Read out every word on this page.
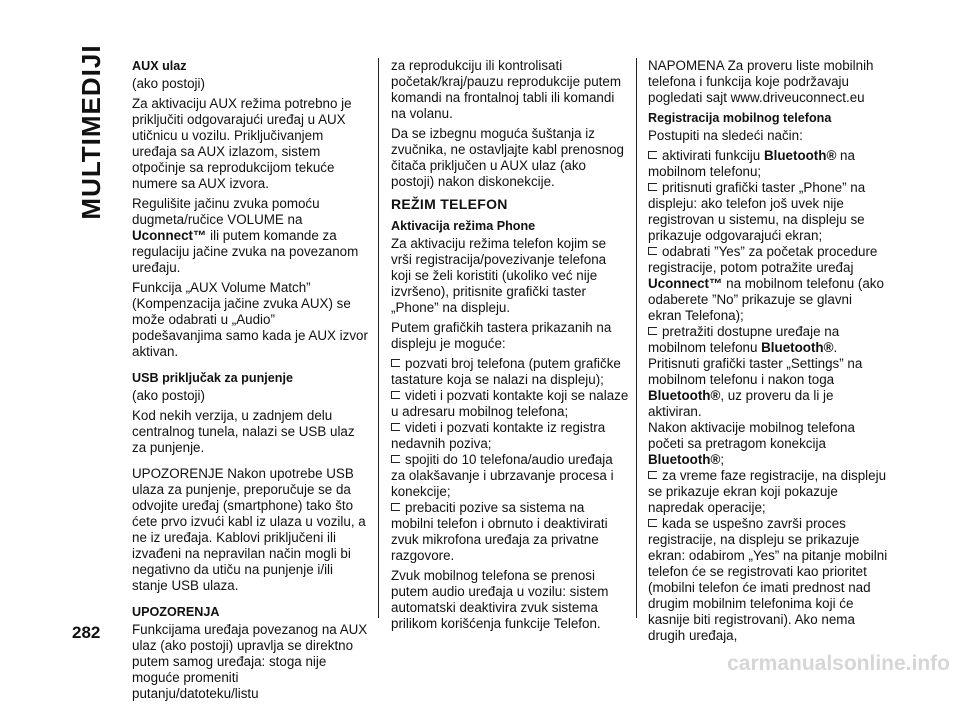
MULTIMEDIJI AUX ulaz
(ako postoji)
Za aktivaciju AUX režima potrebno je priključiti odgovarajući uređaj u AUX utičnicu u vozilu. Priključivanjem uređaja sa AUX izlazom, sistem otpočinje sa reprodukcijom tekuće numere sa AUX izvora.
Regulišite jačinu zvuka pomoću dugmeta/ručice VOLUME na Uconnect™ ili putem komande za regulaciju jačine zvuka na povezanom uređaju.
Funkcija „AUX Volume Match” (Kompenzacija jačine zvuka AUX) se može odabrati u „Audio” podešavanjima samo kada je AUX izvor aktivan.
USB priključak za punjenje
(ako postoji)
Kod nekih verzija, u zadnjem delu centralnog tunela, nalazi se USB ulaz za punjenje.
UPOZORENJE Nakon upotrebe USB ulaza za punjenje, preporučuje se da odvojite uređaj (smartphone) tako što ćete prvo izvući kabl iz ulaza u vozilu, a ne iz uređaja. Kablovi priključeni ili izvađeni na nepravilan način mogli bi negativno da utiču na punjenje i/ili stanje USB ulaza.
UPOZORENJA
Funkcijama uređaja povezanog na AUX ulaz (ako postoji) upravlja se direktno putem samog uređaja: stoga nije moguće promeniti putanju/datoteku/listu
za reprodukciju ili kontrolisati početak/kraj/pauzu reprodukcije putem komandi na frontalnoj tabli ili komandi na volanu.
Da se izbegnu moguća šuštanja iz zvučnika, ne ostavljajte kabl prenosnog čitača priključen u AUX ulaz (ako postoji) nakon diskonekcije.
REŽIM TELEFON
Aktivacija režima Phone
Za aktivaciju režima telefon kojim se vrši registracija/povezivanje telefona koji se želi koristiti (ukoliko već nije izvršeno), pritisnite grafički taster „Phone” na displeju.
Putem grafičkih tastera prikazanih na displeju je moguće:
pozvati broj telefona (putem grafičke tastature koja se nalazi na displeju);
videti i pozvati kontakte koji se nalaze u adresaru mobilnog telefona;
videti i pozvati kontakte iz registra nedavnih poziva;
spojiti do 10 telefona/audio uređaja za olakšavanje i ubrzavanje procesa i konekcije;
prebaciti pozive sa sistema na mobilni telefon i obrnuto i deaktivirati zvuk mikrofona uređaja za privatne razgovore.
Zvuk mobilnog telefona se prenosi putem audio uređaja u vozilu: sistem automatski deaktivira zvuk sistema prilikom korišćenja funkcije Telefon.
NAPOMENA Za proveru liste mobilnih telefona i funkcija koje podržavaju pogledati sajt www.driveuconnect.eu
Registracija mobilnog telefona
Postupiti na sledeći način:
aktivirati funkciju Bluetooth® na mobilnom telefonu;
pritisnuti grafički taster „Phone” na displeju: ako telefon još uvek nije registrovan u sistemu, na displeju se prikazuje odgovarajući ekran;
odabrati ”Yes” za početak procedure registracije, potom potražite uređaj Uconnect™ na mobilnom telefonu (ako odaberete ”No” prikazuje se glavni ekran Telefona);
pretražiti dostupne uređaje na mobilnom telefonu Bluetooth®. Pritisnuti grafički taster „Settings” na mobilnom telefonu i nakon toga Bluetooth®, uz proveru da li je aktiviran.
Nakon aktivacije mobilnog telefona početi sa pretragom konekcija Bluetooth®;
za vreme faze registracije, na displeju se prikazuje ekran koji pokazuje napredak operacije;
kada se uspešno završi proces registracije, na displeju se prikazuje ekran: odabirom „Yes” na pitanje mobilni telefon će se registrovati kao prioritet (mobilni telefon će imati prednost nad drugim mobilnim telefonima koji će kasnije biti registrovani). Ako nema drugih uređaja,
282
carmanualsonline.info
